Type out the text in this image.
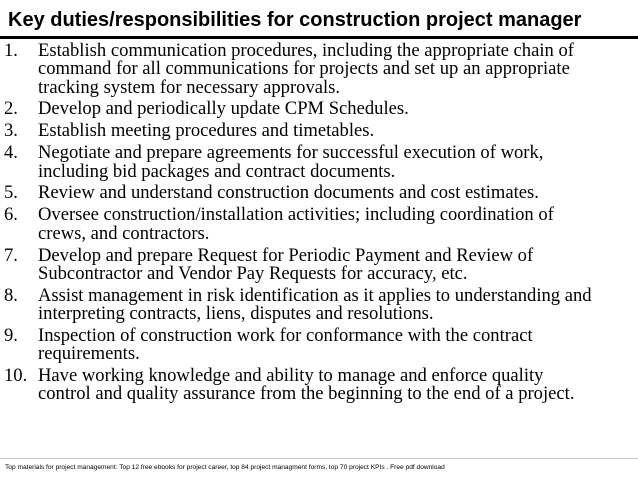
Key duties/responsibilities for construction project manager
1.	Establish communication procedures, including the appropriate chain of
command for all communications for projects and set up an appropriate
tracking system for necessary approvals.
2.	Develop and periodically update CPM Schedules.
3.	Establish meeting procedures and timetables.
4.	Negotiate and prepare agreements for successful execution of work,
including bid packages and contract documents.
5.	Review and understand construction documents and cost estimates.
6.	Oversee construction/installation activities; including coordination of
crews, and contractors.
7.	Develop and prepare Request for Periodic Payment and Review of
Subcontractor and Vendor Pay Requests for accuracy, etc.
8.	Assist management in risk identification as it applies to understanding and
interpreting contracts, liens, disputes and resolutions.
9.	Inspection of construction work for conformance with the contract
requirements.
10. Have working knowledge and ability to manage and enforce quality
control and quality assurance from the beginning to the end of a project.
Top materials for project management: Top 12 free ebooks for project career, top 84 project managment forms, top 70 project KPIs . Free pdf download
